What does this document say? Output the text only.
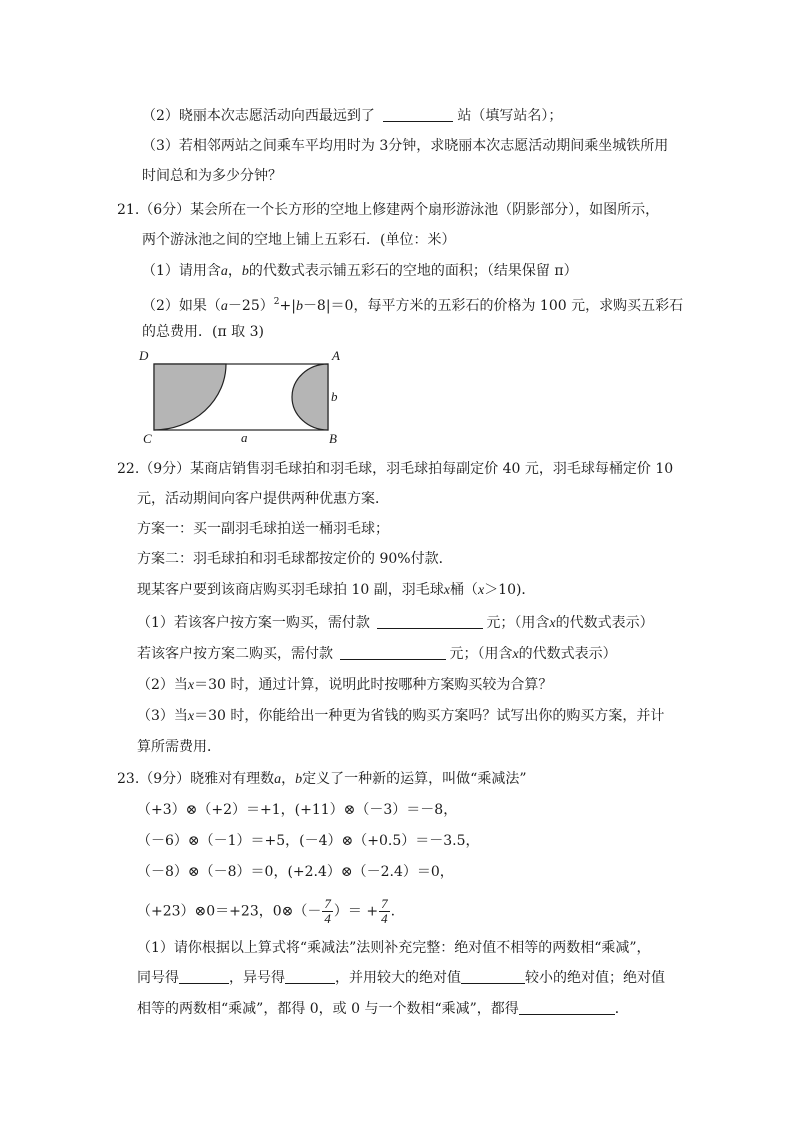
（2）晓丽本次志愿活动向西最远到了	站（填写站名）；
（3）若相邻两站之间乘车平均用时为 3分钟，求晓丽本次志愿活动期间乘坐城铁所用
时间总和为多少分钟？
21.（6分）某会所在一个长方形的空地上修建两个扇形游泳池（阴影部分），如图所示，
两个游泳池之间的空地上铺上五彩石．(单位：米）
（1）请用含a，b的代数式表示铺五彩石的空地的面积；（结果保留 π）
（2）如果$(a-25)^2+|b-8|=0$，每平方米的五彩石的价格为 100 元，求购买五彩石
的总费用．(π 取 3)
D	A
C	B
a
b
22.（9分）某商店销售羽毛球拍和羽毛球，羽毛球拍每副定价 40 元，羽毛球每桶定价 10
元，活动期间向客户提供两种优惠方案．
方案一：买一副羽毛球拍送一桶羽毛球；
方案二：羽毛球拍和羽毛球都按定价的 90%付款．
现某客户要到该商店购买羽毛球拍 10 副，羽毛球x桶（x＞10)．
（1）若该客户按方案一购买，需付款	元；（用含x的代数式表示）
若该客户按方案二购买，需付款	元；（用含x的代数式表示）
（2）当x＝30 时，通过计算，说明此时按哪种方案购买较为合算？
（3）当x＝30 时，你能给出一种更为省钱的购买方案吗？试写出你的购买方案，并计
算所需费用．
23.（9分）晓雅对有理数a，b定义了一种新的运算，叫做“乘减法”
（+3）⊗（+2）＝+1，(+11）⊗（－3）＝－8，
（－6）⊗（－1）＝+5，(－4）⊗（+0.5）＝－3.5，
（－8）⊗（－8）＝0，(+2.4）⊗（－2.4）＝0，
（+23）⊗0＝+23，0⊗（－ $\frac{7}{4}$ ）＝ + $\frac{7}{4}$ .
（1）请你根据以上算式将“乘减法”法则补充完整：绝对值不相等的两数相“乘减”，
同号得	，异号得	，并用较大的绝对值	较小的绝对值；绝对值
相等的两数相“乘减”，都得 0，或 0 与一个数相“乘减”，都得	．
